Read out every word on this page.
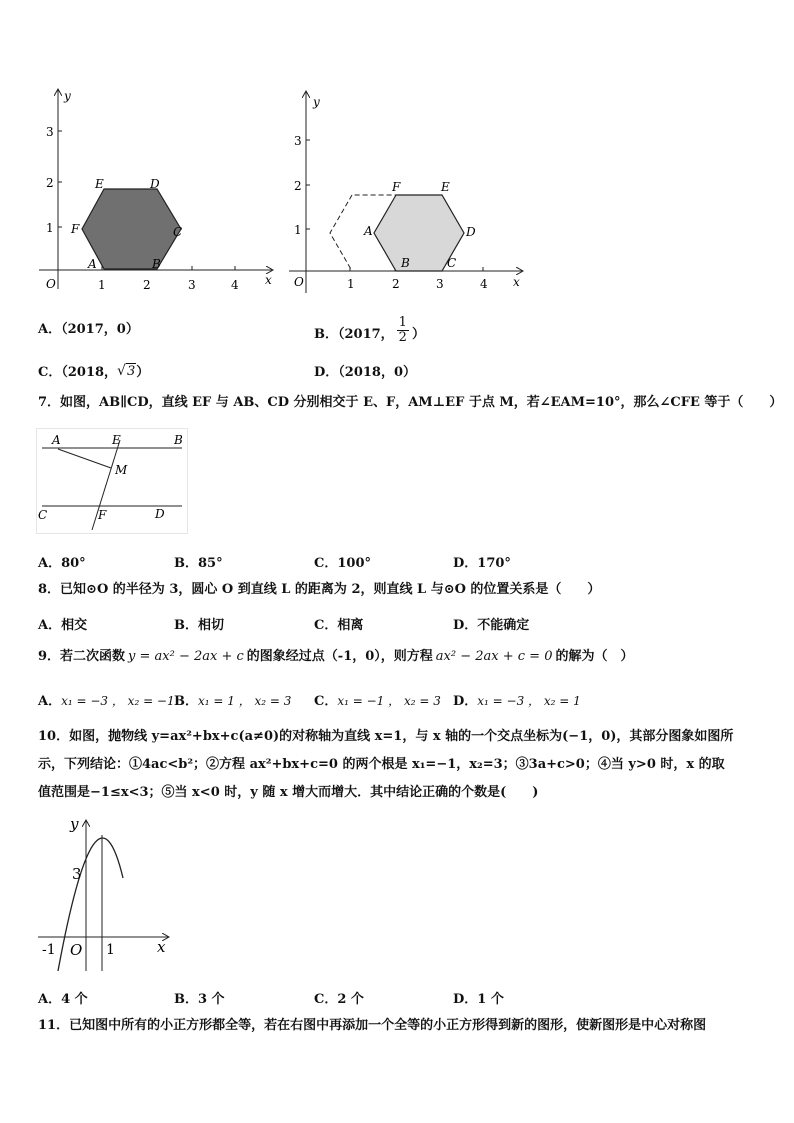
y
x
O	1	2	3	4
1
2
3
E	D
F	C
A	B
y
x
O	1	2	3	4
1
2
3
F	E
A	D
B	C
A．（2017，0）	B．（2017， $\frac{1}{2}$ ）
C．（2018， √ 3 ）	D．（2018，0）
7．如图，AB∥CD，直线 EF 与 AB、CD 分别相交于 E、F，AM⊥EF 于点 M，若∠EAM=10°，那么∠CFE 等于（　　）
A	E	B
M
C	F	D
A．80°	B．85°	C．100°	D．170°
8．已知⊙O 的半径为 3，圆心 O 到直线 L 的距离为 2，则直线 L 与⊙O 的位置关系是（　　）
A．相交	B．相切	C．相离	D．不能确定
9．若二次函数 y = ax² − 2ax + c 的图象经过点（-1，0），则方程 ax² − 2ax + c = 0 的解为（　）
A．x₁ = −3 ， x₂ = −1 B．x₁ = 1 ， x₂ = 3 C．x₁ = −1 ， x₂ = 3 D．x₁ = −3 ， x₂ = 1
10．如图，抛物线 y=ax²+bx+c(a≠0)的对称轴为直线 x=1，与 x 轴的一个交点坐标为(−1，0)，其部分图象如图所
示，下列结论：①4ac<b²；②方程 ax²+bx+c=0 的两个根是 x₁=−1，x₂=3；③3a+c>0；④当 y>0 时，x 的取
值范围是−1≤x<3；⑤当 x<0 时，y 随 x 增大而增大．其中结论正确的个数是(　　)
y
x
3
-1 O 1
A．4 个	B．3 个	C．2 个	D．1 个
11．已知图中所有的小正方形都全等，若在右图中再添加一个全等的小正方形得到新的图形，使新图形是中心对称图
